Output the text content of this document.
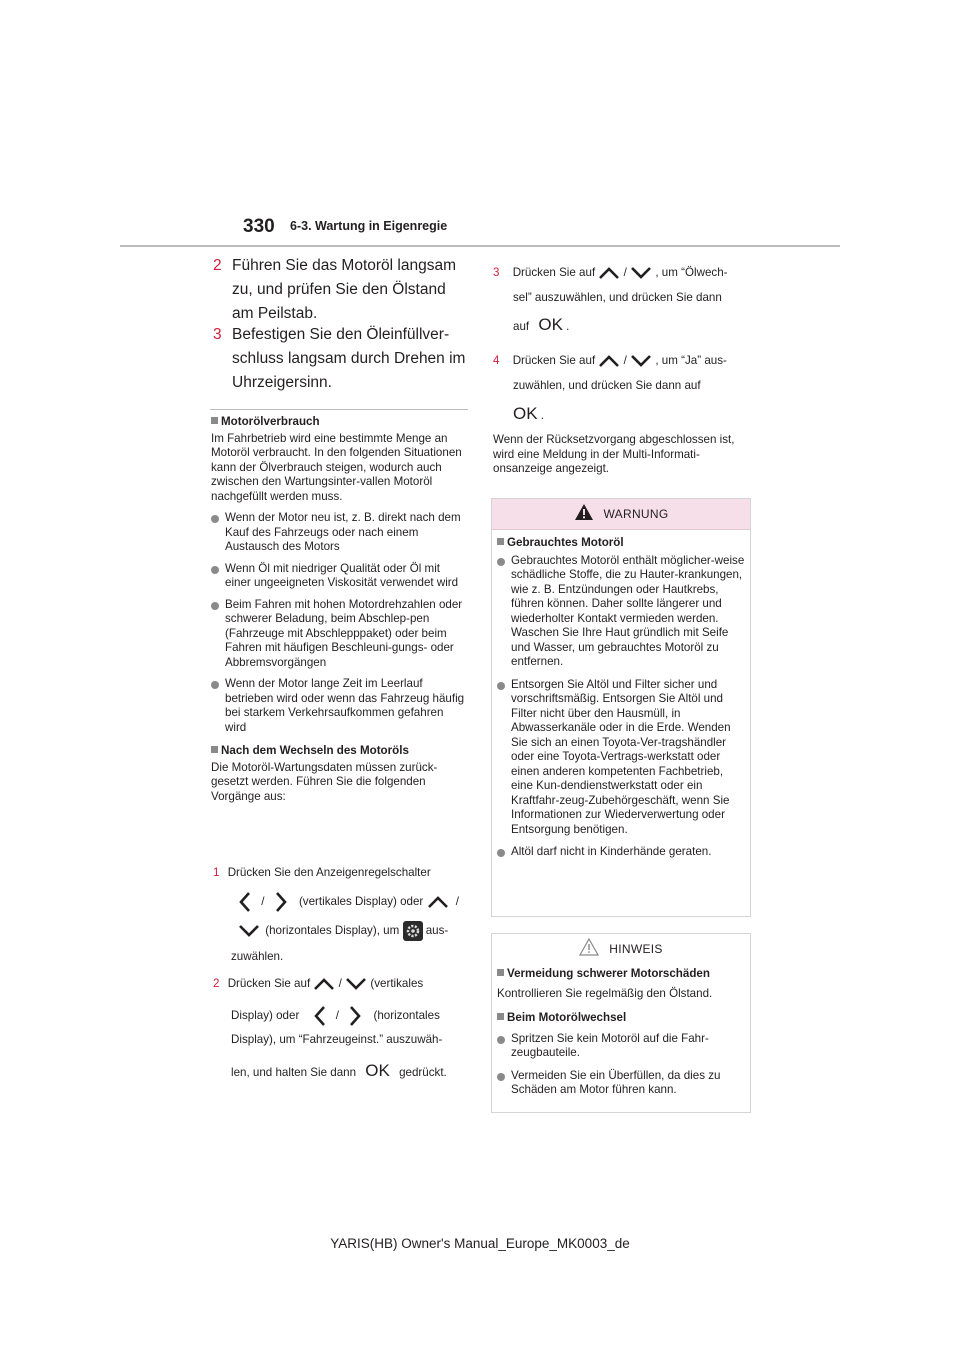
330 6-3. Wartung in Eigenregie
2 Führen Sie das Motoröl langsam zu, und prüfen Sie den Ölstand am Peilstab.
3 Befestigen Sie den Öleinfüllver-schluss langsam durch Drehen im Uhrzeigersinn.
Motorölverbrauch
Im Fahrbetrieb wird eine bestimmte Menge an Motoröl verbraucht. In den folgenden Situationen kann der Ölverbrauch steigen, wodurch auch zwischen den Wartungsinter-vallen Motoröl nachgefüllt werden muss.
Wenn der Motor neu ist, z. B. direkt nach dem Kauf des Fahrzeugs oder nach einem Austausch des Motors
Wenn Öl mit niedriger Qualität oder Öl mit einer ungeeigneten Viskosität verwendet wird
Beim Fahren mit hohen Motordrehzahlen oder schwerer Beladung, beim Abschlep-pen (Fahrzeuge mit Abschlepppaket) oder beim Fahren mit häufigen Beschleuni-gungs- oder Abbremsvorgängen
Wenn der Motor lange Zeit im Leerlauf betrieben wird oder wenn das Fahrzeug häufig bei starkem Verkehrsaufkommen gefahren wird
Nach dem Wechseln des Motoröls
Die Motoröl-Wartungsdaten müssen zurück-gesetzt werden. Führen Sie die folgenden Vorgänge aus:
1 Drücken Sie den Anzeigenregelschalter
/	(vertikales Display) oder	/
(horizontales Display), um aus-
zuwählen.
2 Drücken Sie auf / (vertikales
Display) oder	/	(horizontales
Display), um “Fahrzeugeinst.” auszuwäh-
len, und halten Sie dann OK gedrückt.
3 Drücken Sie auf / , um “Ölwech-
sel” auszuwählen, und drücken Sie dann
auf OK .
4 Drücken Sie auf / , um “Ja” aus-
zuwählen, und drücken Sie dann auf
OK .
Wenn der Rücksetzvorgang abgeschlossen ist, wird eine Meldung in der Multi-Informati-onsanzeige angezeigt.
WARNUNG
Gebrauchtes Motoröl
Gebrauchtes Motoröl enthält möglicher-weise schädliche Stoffe, die zu Hauter-krankungen, wie z. B. Entzündungen oder Hautkrebs, führen können. Daher sollte längerer und wiederholter Kontakt vermieden werden. Waschen Sie Ihre Haut gründlich mit Seife und Wasser, um gebrauchtes Motoröl zu entfernen.
Entsorgen Sie Altöl und Filter sicher und vorschriftsmäßig. Entsorgen Sie Altöl und Filter nicht über den Hausmüll, in Abwasserkanäle oder in die Erde. Wenden Sie sich an einen Toyota-Ver-tragshändler oder eine Toyota-Vertrags-werkstatt oder einen anderen kompetenten Fachbetrieb, eine Kun-dendienstwerkstatt oder ein Kraftfahr-zeug-Zubehörgeschäft, wenn Sie Informationen zur Wiederverwertung oder Entsorgung benötigen.
Altöl darf nicht in Kinderhände geraten.
HINWEIS
Vermeidung schwerer Motorschäden
Kontrollieren Sie regelmäßig den Ölstand.
Beim Motorölwechsel
Spritzen Sie kein Motoröl auf die Fahr-zeugbauteile.
Vermeiden Sie ein Überfüllen, da dies zu Schäden am Motor führen kann.
YARIS(HB) Owner's Manual_Europe_MK0003_de
